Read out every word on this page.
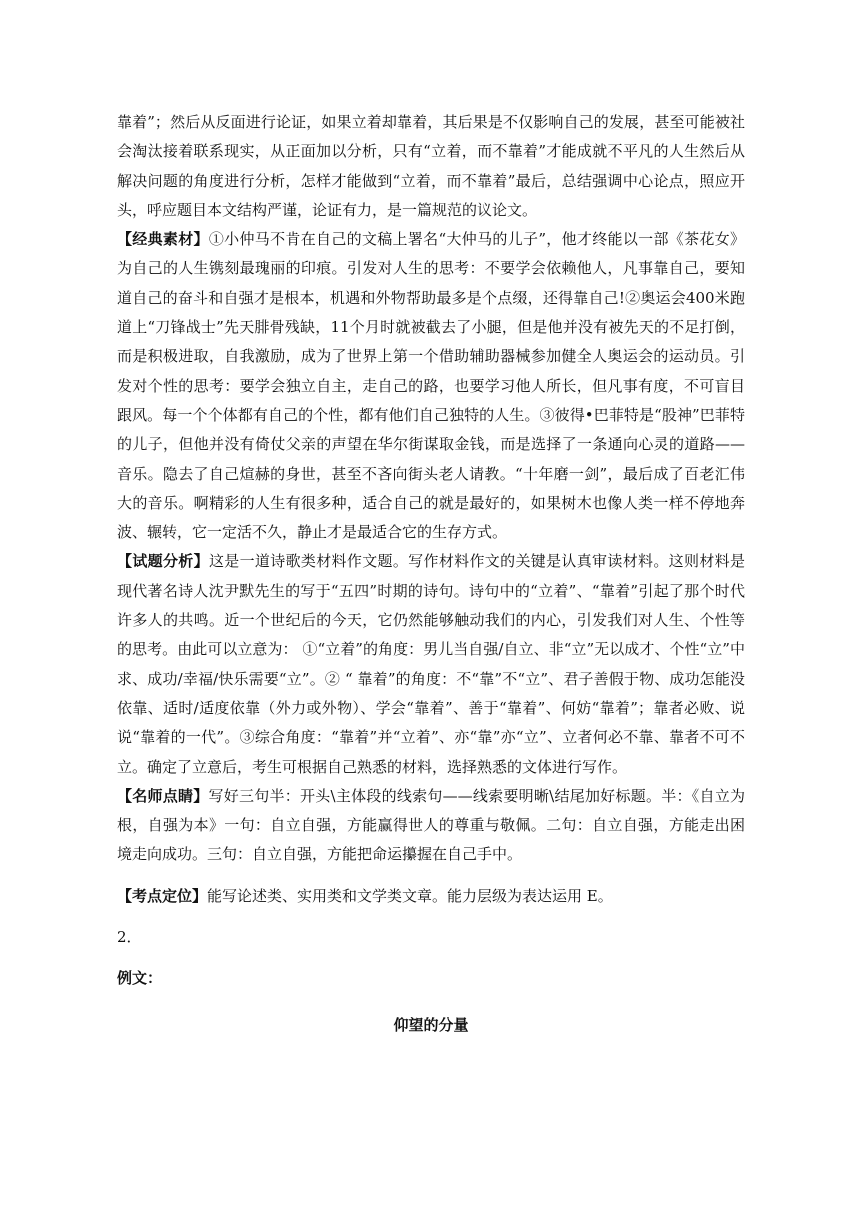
靠着”；然后从反面进行论证，如果立着却靠着，其后果是不仅影响自己的发展，甚至可能被社会淘汰接着联系现实，从正面加以分析，只有“立着，而不靠着”才能成就不平凡的人生然后从解决问题的角度进行分析，怎样才能做到“立着，而不靠着”最后，总结强调中心论点，照应开头，呼应题目本文结构严谨，论证有力，是一篇规范的议论文。

【经典素材】①小仲马不肯在自己的文稿上署名“大仲马的儿子”，他才终能以一部《茶花女》为自己的人生镌刻最瑰丽的印痕。引发对人生的思考：不要学会依赖他人，凡事靠自己，要知道自己的奋斗和自强才是根本，机遇和外物帮助最多是个点缀，还得靠自己!②奥运会400米跑道上“刀锋战士”先天腓骨残缺，11个月时就被截去了小腿，但是他并没有被先天的不足打倒，而是积极进取，自我激励，成为了世界上第一个借助辅助器械参加健全人奥运会的运动员。引发对个性的思考：要学会独立自主，走自己的路，也要学习他人所长，但凡事有度，不可盲目跟风。每一个个体都有自己的个性，都有他们自己独特的人生。③彼得•巴菲特是“股神”巴菲特的儿子，但他并没有倚仗父亲的声望在华尔街谋取金钱，而是选择了一条通向心灵的道路——音乐。隐去了自己煊赫的身世，甚至不吝向街头老人请教。“十年磨一剑”，最后成了百老汇伟大的音乐。啊精彩的人生有很多种，适合自己的就是最好的，如果树木也像人类一样不停地奔波、辗转，它一定活不久，静止才是最适合它的生存方式。

【试题分析】这是一道诗歌类材料作文题。写作材料作文的关键是认真审读材料。这则材料是现代著名诗人沈尹默先生的写于“五四”时期的诗句。诗句中的“立着”、“靠着”引起了那个时代许多人的共鸣。近一个世纪后的今天，它仍然能够触动我们的内心，引发我们对人生、个性等的思考。由此可以立意为： ①“立着”的角度：男儿当自强/自立、非“立”无以成才、个性“立”中求、成功/幸福/快乐需要“立”。② “ 靠着”的角度：不“靠”不“立”、君子善假于物、成功怎能没依靠、适时/适度依靠（外力或外物）、学会“靠着”、善于“靠着”、何妨“靠着”；靠者必败、说说“靠着的一代”。③综合角度：“靠着”并“立着”、亦“靠”亦“立”、立者何必不靠、靠者不可不立。确定了立意后，考生可根据自己熟悉的材料，选择熟悉的文体进行写作。

【名师点睛】写好三句半：开头\主体段的线索句——线索要明晰\结尾加好标题。半：《自立为根，自强为本》一句：自立自强，方能赢得世人的尊重与敬佩。二句：自立自强，方能走出困境走向成功。三句：自立自强，方能把命运攥握在自己手中。

【考点定位】能写论述类、实用类和文学类文章。能力层级为表达运用 E。

2．

例文：

仰望的分量
